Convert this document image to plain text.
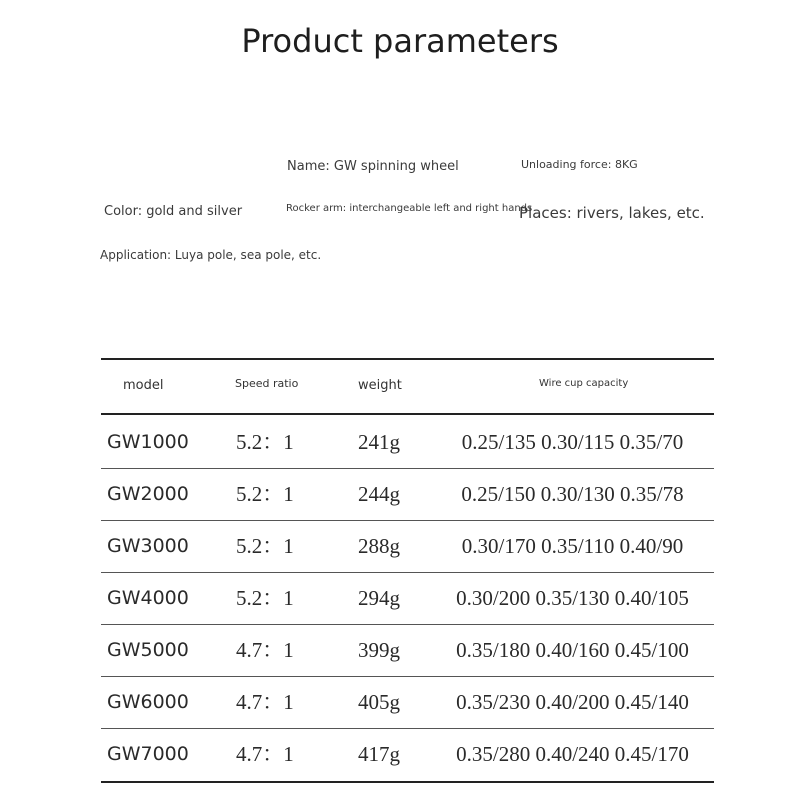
Product parameters
Name: GW spinning wheel	Unloading force: 8KG
Color: gold and silver	Rocker arm: interchangeable left and right hands
Places: rivers, lakes, etc.
Application: Luya pole, sea pole, etc.
model	Speed ratio	weight	Wire cup capacity
GW1000 5.2：1	241g	0.25/135 0.30/115 0.35/70
GW2000 5.2：1	244g	0.25/150 0.30/130 0.35/78
GW3000 5.2：1	288g	0.30/170 0.35/110 0.40/90
GW4000 5.2：1	294g	0.30/200 0.35/130 0.40/105
GW5000 4.7：1	399g	0.35/180 0.40/160 0.45/100
GW6000 4.7：1	405g	0.35/230 0.40/200 0.45/140
GW7000 4.7：1	417g	0.35/280 0.40/240 0.45/170
